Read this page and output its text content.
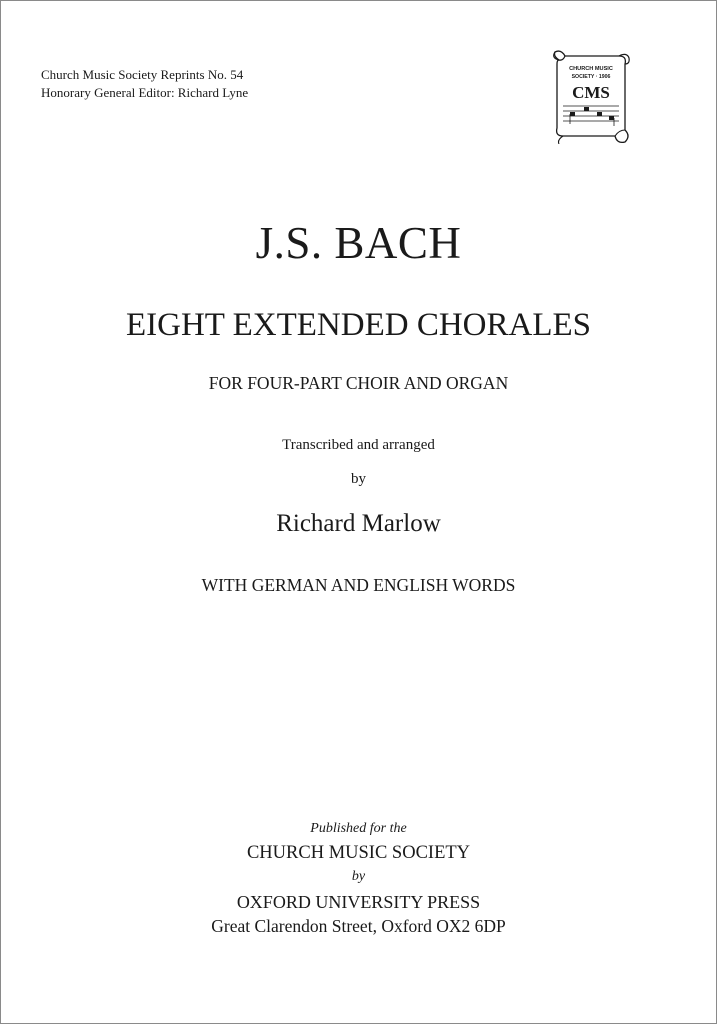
Church Music Society Reprints No. 54
Honorary General Editor: Richard Lyne
CHURCH MUSIC
SOCIETY · 1906
CMS
J.S. BACH
EIGHT EXTENDED CHORALES
FOR FOUR-PART CHOIR AND ORGAN
Transcribed and arranged
by
Richard Marlow
WITH GERMAN AND ENGLISH WORDS
Published for the
CHURCH MUSIC SOCIETY
by
OXFORD UNIVERSITY PRESS
Great Clarendon Street, Oxford OX2 6DP
